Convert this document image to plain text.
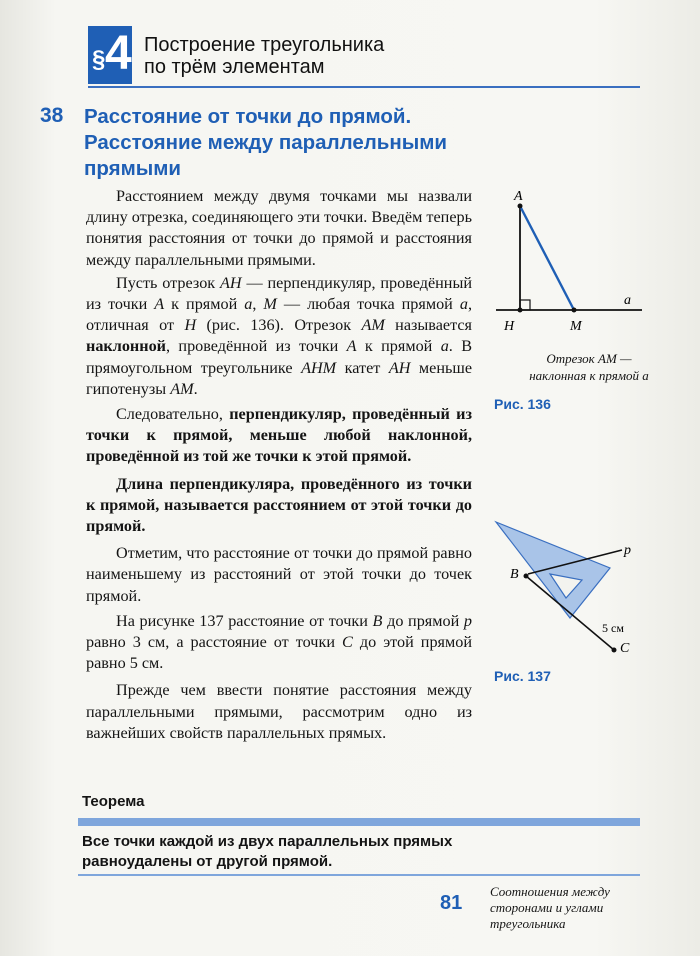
§ 4 Построение треугольника
по трём элементам
38 Расстояние от точки до прямой.
Расстояние между параллельными
прямыми

Расстоянием между двумя точками мы назвали длину отрезка, соединяющего эти точки. Введём теперь понятия расстояния от точки до прямой и расстояния между параллельными прямыми.

Пусть отрезок AH — перпендикуляр, проведённый из точки A к прямой a, M — любая точка прямой a, отличная от H (рис. 136). Отрезок AM называется наклонной, проведённой из точки A к прямой a. В прямоугольном треугольнике AHM катет AH меньше гипотенузы AM.

Следовательно, перпендикуляр, проведённый из точки к прямой, меньше любой наклонной, проведённой из той же точки к этой прямой.

Длина перпендикуляра, проведённого из точки к прямой, называется расстоянием от этой точки до прямой.

Отметим, что расстояние от точки до прямой равно наименьшему из расстояний от этой точки до точек прямой.

На рисунке 137 расстояние от точки B до прямой p равно 3 см, а расстояние от точки C до этой прямой равно 5 см.

Прежде чем ввести понятие расстояния между параллельными прямыми, рассмотрим одно из важнейших свойств параллельных прямых.

A
H	M
a
Отрезок AM —
наклонная к прямой a
Рис. 136
p
B
C
5 см
Рис. 137
Теорема
Все точки каждой из двух параллельных прямых равноудалены от другой прямой.
81
Соотношения между
сторонами и углами
треугольника
